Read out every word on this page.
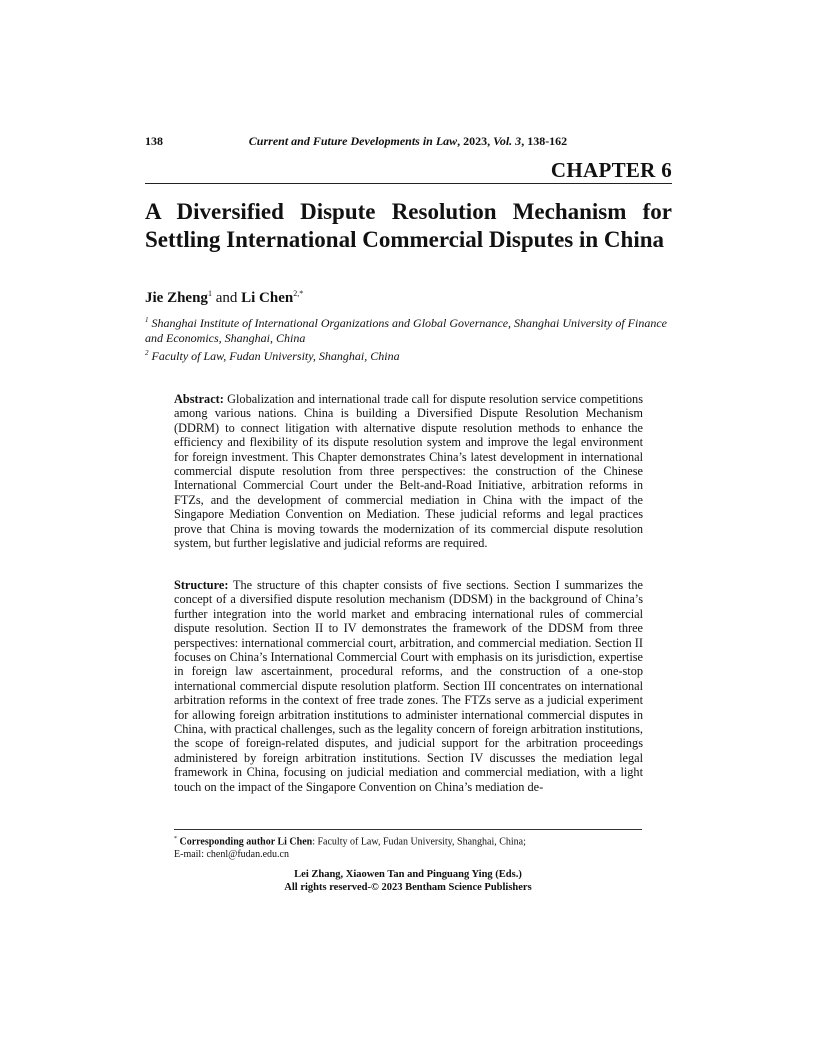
138	Current and Future Developments in Law, 2023, Vol. 3, 138-162
CHAPTER 6
A Diversified Dispute Resolution Mechanism for Settling International Commercial Disputes in China
Jie Zheng$^1$ and Li Chen$^{2,*}$
$^1$ Shanghai Institute of International Organizations and Global Governance, Shanghai University of Finance and Economics, Shanghai, China
$^2$ Faculty of Law, Fudan University, Shanghai, China
Abstract: Globalization and international trade call for dispute resolution service competitions among various nations. China is building a Diversified Dispute Resolution Mechanism (DDRM) to connect litigation with alternative dispute resolution methods to enhance the efficiency and flexibility of its dispute resolution system and improve the legal environment for foreign investment. This Chapter demonstrates China’s latest development in international commercial dispute resolution from three perspectives: the construction of the Chinese International Commercial Court under the Belt-and-Road Initiative, arbitration reforms in FTZs, and the development of commercial mediation in China with the impact of the Singapore Mediation Convention on Mediation. These judicial reforms and legal practices prove that China is moving towards the modernization of its commercial dispute resolution system, but further legislative and judicial reforms are required.
Structure: The structure of this chapter consists of five sections. Section I summarizes the concept of a diversified dispute resolution mechanism (DDSM) in the background of China’s further integration into the world market and embracing international rules of commercial dispute resolution. Section II to IV demonstrates the framework of the DDSM from three perspectives: international commercial court, arbitration, and commercial mediation. Section II focuses on China’s International Commercial Court with emphasis on its jurisdiction, expertise in foreign law ascertainment, procedural reforms, and the construction of a one-stop international commercial dispute resolution platform. Section III concentrates on international arbitration reforms in the context of free trade zones. The FTZs serve as a judicial experiment for allowing foreign arbitration institutions to administer international commercial disputes in China, with practical challenges, such as the legality concern of foreign arbitration institutions, the scope of foreign-related disputes, and judicial support for the arbitration proceedings administered by foreign arbitration institutions. Section IV discusses the mediation legal framework in China, focusing on judicial mediation and commercial mediation, with a light touch on the impact of the Singapore Convention on China’s mediation de-
* Corresponding author Li Chen: Faculty of Law, Fudan University, Shanghai, China;
E-mail: chenl@fudan.edu.cn
Lei Zhang, Xiaowen Tan and Pinguang Ying (Eds.)
All rights reserved-© 2023 Bentham Science Publishers
